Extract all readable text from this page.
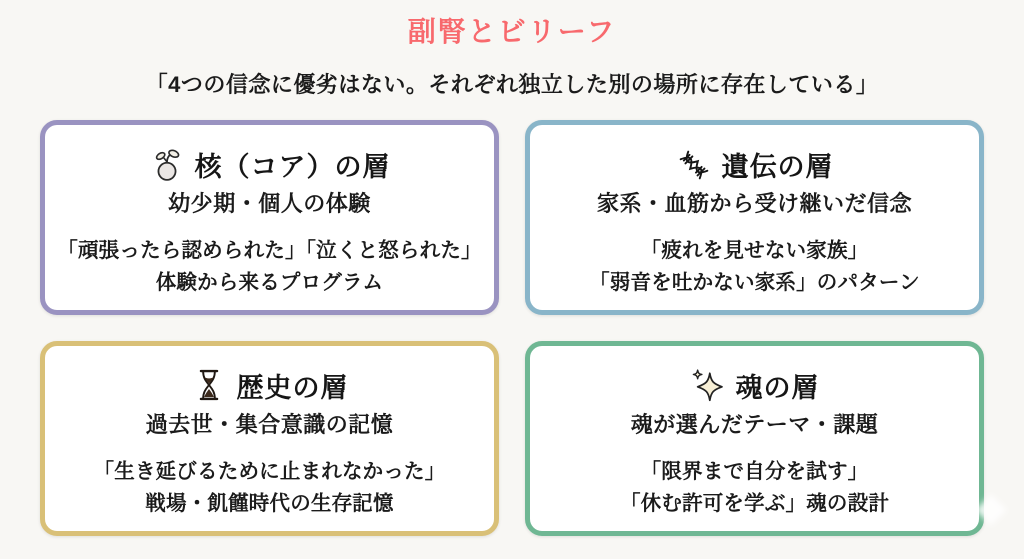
副腎とビリーフ
「4つの信念に優劣はない。それぞれ独立した別の場所に存在している」
核（コア）の層
幼少期・個人の体験
「頑張ったら認められた」「泣くと怒られた」
体験から来るプログラム
遺伝の層
家系・血筋から受け継いだ信念
「疲れを見せない家族」
「弱音を吐かない家系」のパターン
歴史の層
過去世・集合意識の記憶
「生き延びるために止まれなかった」
戦場・飢饉時代の生存記憶
魂の層
魂が選んだテーマ・課題
「限界まで自分を試す」
「休む許可を学ぶ」魂の設計
